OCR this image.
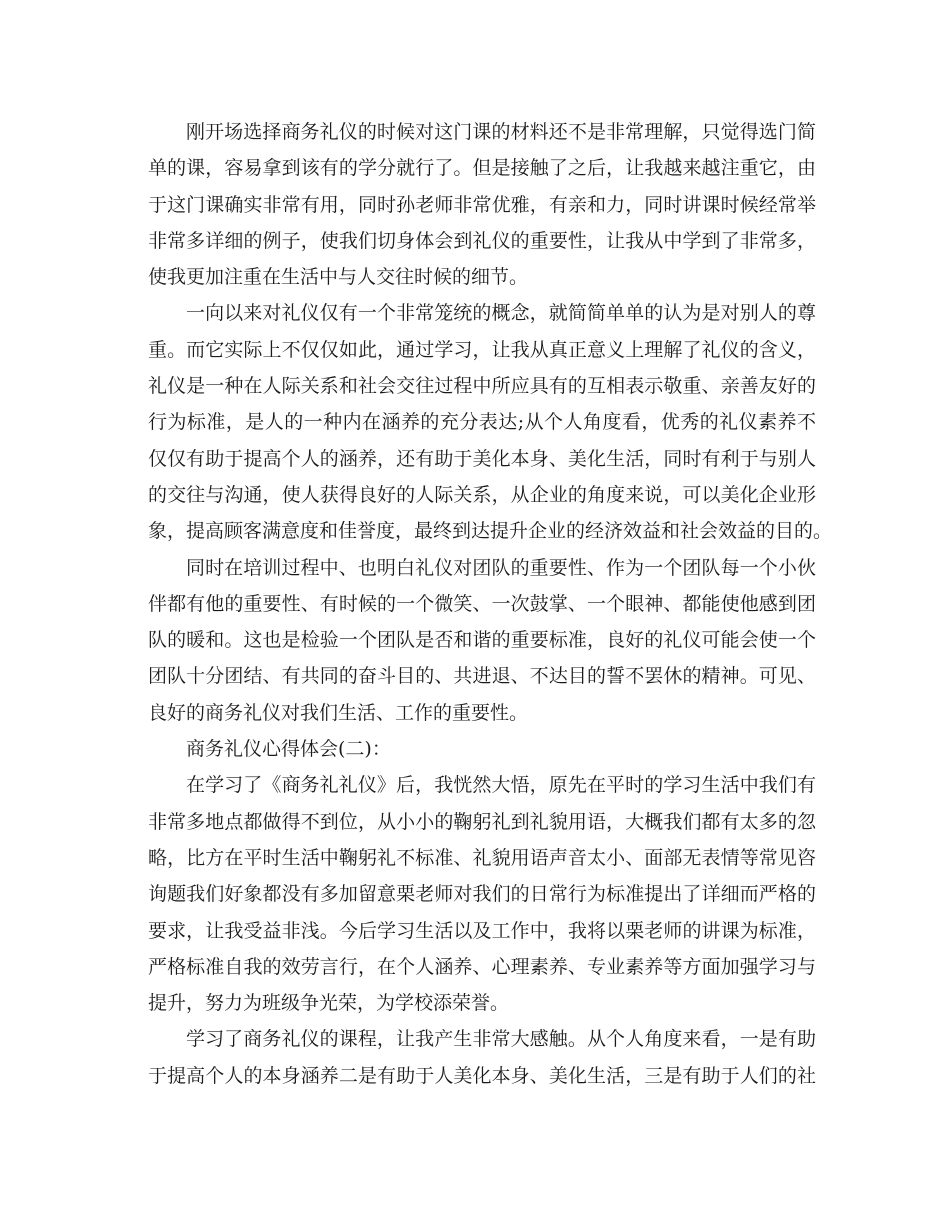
刚开场选择商务礼仪的时候对这门课的材料还不是非常理解，只觉得选门简
单的课，容易拿到该有的学分就行了。但是接触了之后，让我越来越注重它，由
于这门课确实非常有用，同时孙老师非常优雅，有亲和力，同时讲课时候经常举
非常多详细的例子，使我们切身体会到礼仪的重要性，让我从中学到了非常多，
使我更加注重在生活中与人交往时候的细节。
一向以来对礼仪仅有一个非常笼统的概念，就简简单单的认为是对别人的尊
重。而它实际上不仅仅如此，通过学习，让我从真正意义上理解了礼仪的含义，
礼仪是一种在人际关系和社会交往过程中所应具有的互相表示敬重、亲善友好的
行为标准，是人的一种内在涵养的充分表达;从个人角度看，优秀的礼仪素养不
仅仅有助于提高个人的涵养，还有助于美化本身、美化生活，同时有利于与别人
的交往与沟通，使人获得良好的人际关系，从企业的角度来说，可以美化企业形
象，提高顾客满意度和佳誉度，最终到达提升企业的经济效益和社会效益的目的。
同时在培训过程中、也明白礼仪对团队的重要性、作为一个团队每一个小伙
伴都有他的重要性、有时候的一个微笑、一次鼓掌、一个眼神、都能使他感到团
队的暖和。这也是检验一个团队是否和谐的重要标准，良好的礼仪可能会使一个
团队十分团结、有共同的奋斗目的、共进退、不达目的誓不罢休的精神。可见、
良好的商务礼仪对我们生活、工作的重要性。
商务礼仪心得体会(二)：
在学习了《商务礼礼仪》后，我恍然大悟，原先在平时的学习生活中我们有
非常多地点都做得不到位，从小小的鞠躬礼到礼貌用语，大概我们都有太多的忽
略，比方在平时生活中鞠躬礼不标准、礼貌用语声音太小、面部无表情等常见咨
询题我们好象都没有多加留意栗老师对我们的日常行为标准提出了详细而严格的
要求，让我受益非浅。今后学习生活以及工作中，我将以栗老师的讲课为标准，
严格标准自我的效劳言行，在个人涵养、心理素养、专业素养等方面加强学习与
提升，努力为班级争光荣，为学校添荣誉。
学习了商务礼仪的课程，让我产生非常大感触。从个人角度来看，一是有助
于提高个人的本身涵养二是有助于人美化本身、美化生活，三是有助于人们的社
